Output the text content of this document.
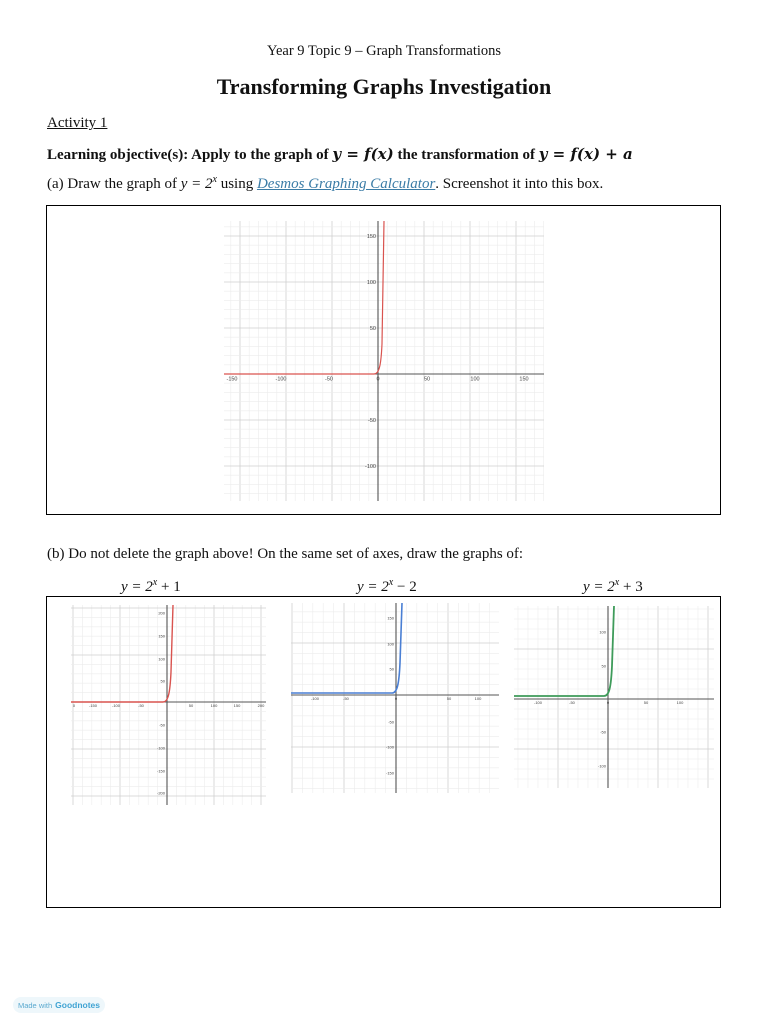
Year 9 Topic 9 – Graph Transformations
Transforming Graphs Investigation
Activity 1
Learning objective(s): Apply to the graph of y = f(x) the transformation of y = f(x) + a
(a) Draw the graph of $y = 2^x$ using Desmos Graphing Calculator. Screenshot it into this box.
-150	-100	-50	0	50	100	150
150
100
50
-50
-100
(b) Do not delete the graph above! On the same set of axes, draw the graphs of:
$y = 2^x + 1$	$y = 2^x - 2$	$y = 2^x + 3$
0	-150	-100	-50	50	100	150	200
200
150
100
50
-50
-100
-150
-200
-100	-50	0	50	100
150
100
50
-50
-100
-150
-100	-50	0	50	100
100
50
-50
-100
Made with Goodnotes
